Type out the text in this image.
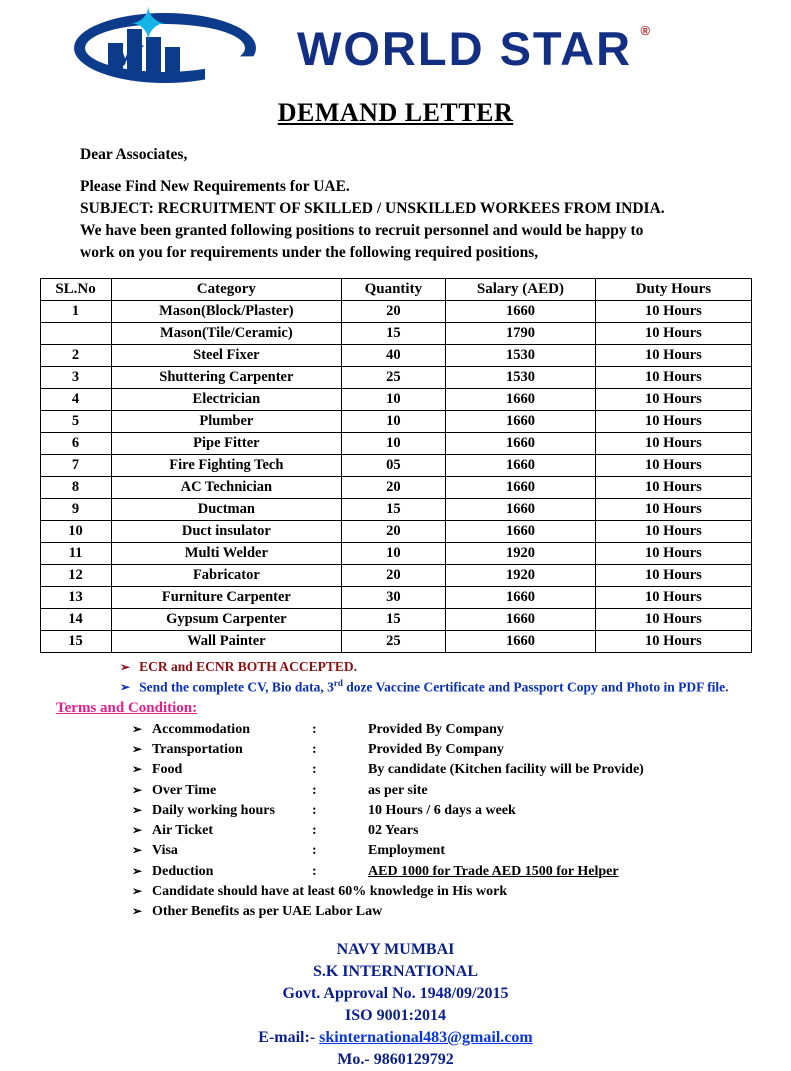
W	WORLD STAR ®
DEMAND LETTER

Dear Associates,

Please Find New Requirements for UAE.

SUBJECT: RECRUITMENT OF SKILLED / UNSKILLED WORKEES FROM INDIA.

We have been granted following positions to recruit personnel and would be happy to

work on you for requirements under the following required positions,

SL.No	Category	Quantity	Salary (AED)	Duty Hours
1	Mason(Block/Plaster)	20	1660	10 Hours
	Mason(Tile/Ceramic)	15	1790	10 Hours
2	Steel Fixer	40	1530	10 Hours
3	Shuttering Carpenter	25	1530	10 Hours
4	Electrician	10	1660	10 Hours
5	Plumber	10	1660	10 Hours
6	Pipe Fitter	10	1660	10 Hours
7	Fire Fighting Tech	05	1660	10 Hours
8	AC Technician	20	1660	10 Hours
9	Ductman	15	1660	10 Hours
10	Duct insulator	20	1660	10 Hours
11	Multi Welder	10	1920	10 Hours
12	Fabricator	20	1920	10 Hours
13	Furniture Carpenter	30	1660	10 Hours
14	Gypsum Carpenter	15	1660	10 Hours
15	Wall Painter	25	1660	10 Hours
➢ ECR and ECNR BOTH ACCEPTED.
➢ Send the complete CV, Bio data, 3rd doze Vaccine Certificate and Passport Copy and Photo in PDF file.
Terms and Condition:
➢ Accommodation	:	Provided By Company
➢ Transportation	:	Provided By Company
➢ Food	:	By candidate (Kitchen facility will be Provide)
➢ Over Time	:	as per site
➢ Daily working hours	:	10 Hours / 6 days a week
➢ Air Ticket	:	02 Years
➢ Visa	:	Employment
➢ Deduction	:	AED 1000 for Trade AED 1500 for Helper
➢ Candidate should have at least 60% knowledge in His work
➢ Other Benefits as per UAE Labor Law
NAVY MUMBAI
S.K INTERNATIONAL
Govt. Approval No. 1948/09/2015
ISO 9001:2014
E-mail:- skinternational483@gmail.com
Mo.- 9860129792
